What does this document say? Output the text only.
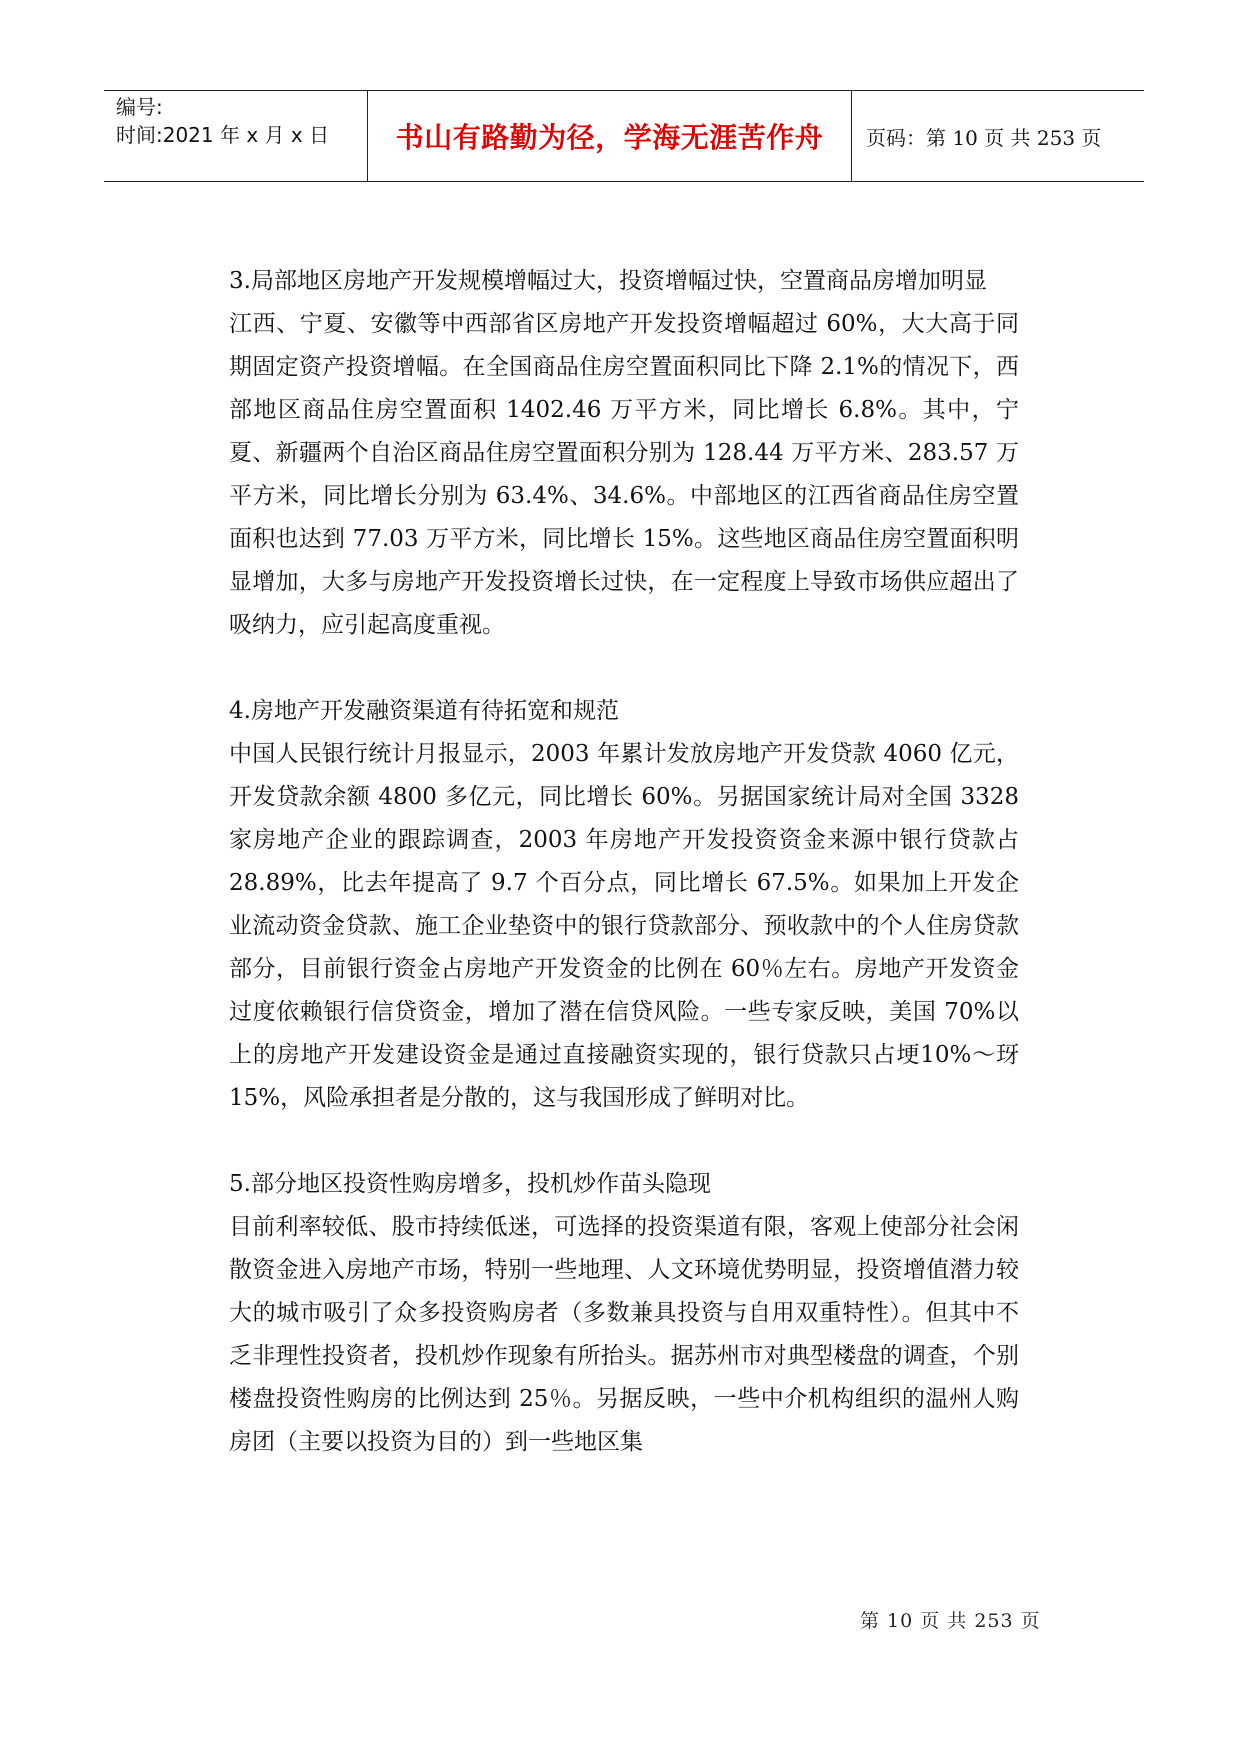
编号:
时间:2021 年 x 月 x 日	书山有路勤为径，学海无涯苦作舟	页码：第 10 页 共 253 页

3.局部地区房地产开发规模增幅过大，投资增幅过快，空置商品房增加明显

江西、宁夏、安徽等中西部省区房地产开发投资增幅超过 60%，大大高于同期固定资产投资增幅。在全国商品住房空置面积同比下降 2.1%的情况下，西部地区商品住房空置面积 1402.46 万平方米，同比增长 6.8%。其中，宁夏、新疆两个自治区商品住房空置面积分别为 128.44 万平方米、283.57 万平方米，同比增长分别为 63.4%、34.6%。中部地区的江西省商品住房空置面积也达到 77.03 万平方米，同比增长 15%。这些地区商品住房空置面积明显增加，大多与房地产开发投资增长过快，在一定程度上导致市场供应超出了吸纳力，应引起高度重视。

4.房地产开发融资渠道有待拓宽和规范

中国人民银行统计月报显示，2003 年累计发放房地产开发贷款 4060 亿元，开发贷款余额 4800 多亿元，同比增长 60%。另据国家统计局对全国 3328 家房地产企业的跟踪调查，2003 年房地产开发投资资金来源中银行贷款占 28.89%，比去年提高了 9.7 个百分点，同比增长 67.5%。如果加上开发企业流动资金贷款、施工企业垫资中的银行贷款部分、预收款中的个人住房贷款部分，目前银行资金占房地产开发资金的比例在 60％左右。房地产开发资金过度依赖银行信贷资金，增加了潜在信贷风险。一些专家反映，美国 70%以上的房地产开发建设资金是通过直接融资实现的，银行贷款只占埂10%～玡15%，风险承担者是分散的，这与我国形成了鲜明对比。

5.部分地区投资性购房增多，投机炒作苗头隐现

目前利率较低、股市持续低迷，可选择的投资渠道有限，客观上使部分社会闲散资金进入房地产市场，特别一些地理、人文环境优势明显，投资增值潜力较大的城市吸引了众多投资购房者（多数兼具投资与自用双重特性）。但其中不乏非理性投资者，投机炒作现象有所抬头。据苏州市对典型楼盘的调查，个别楼盘投资性购房的比例达到 25％。另据反映，一些中介机构组织的温州人购房团（主要以投资为目的）到一些地区集

第 10 页 共 253 页
